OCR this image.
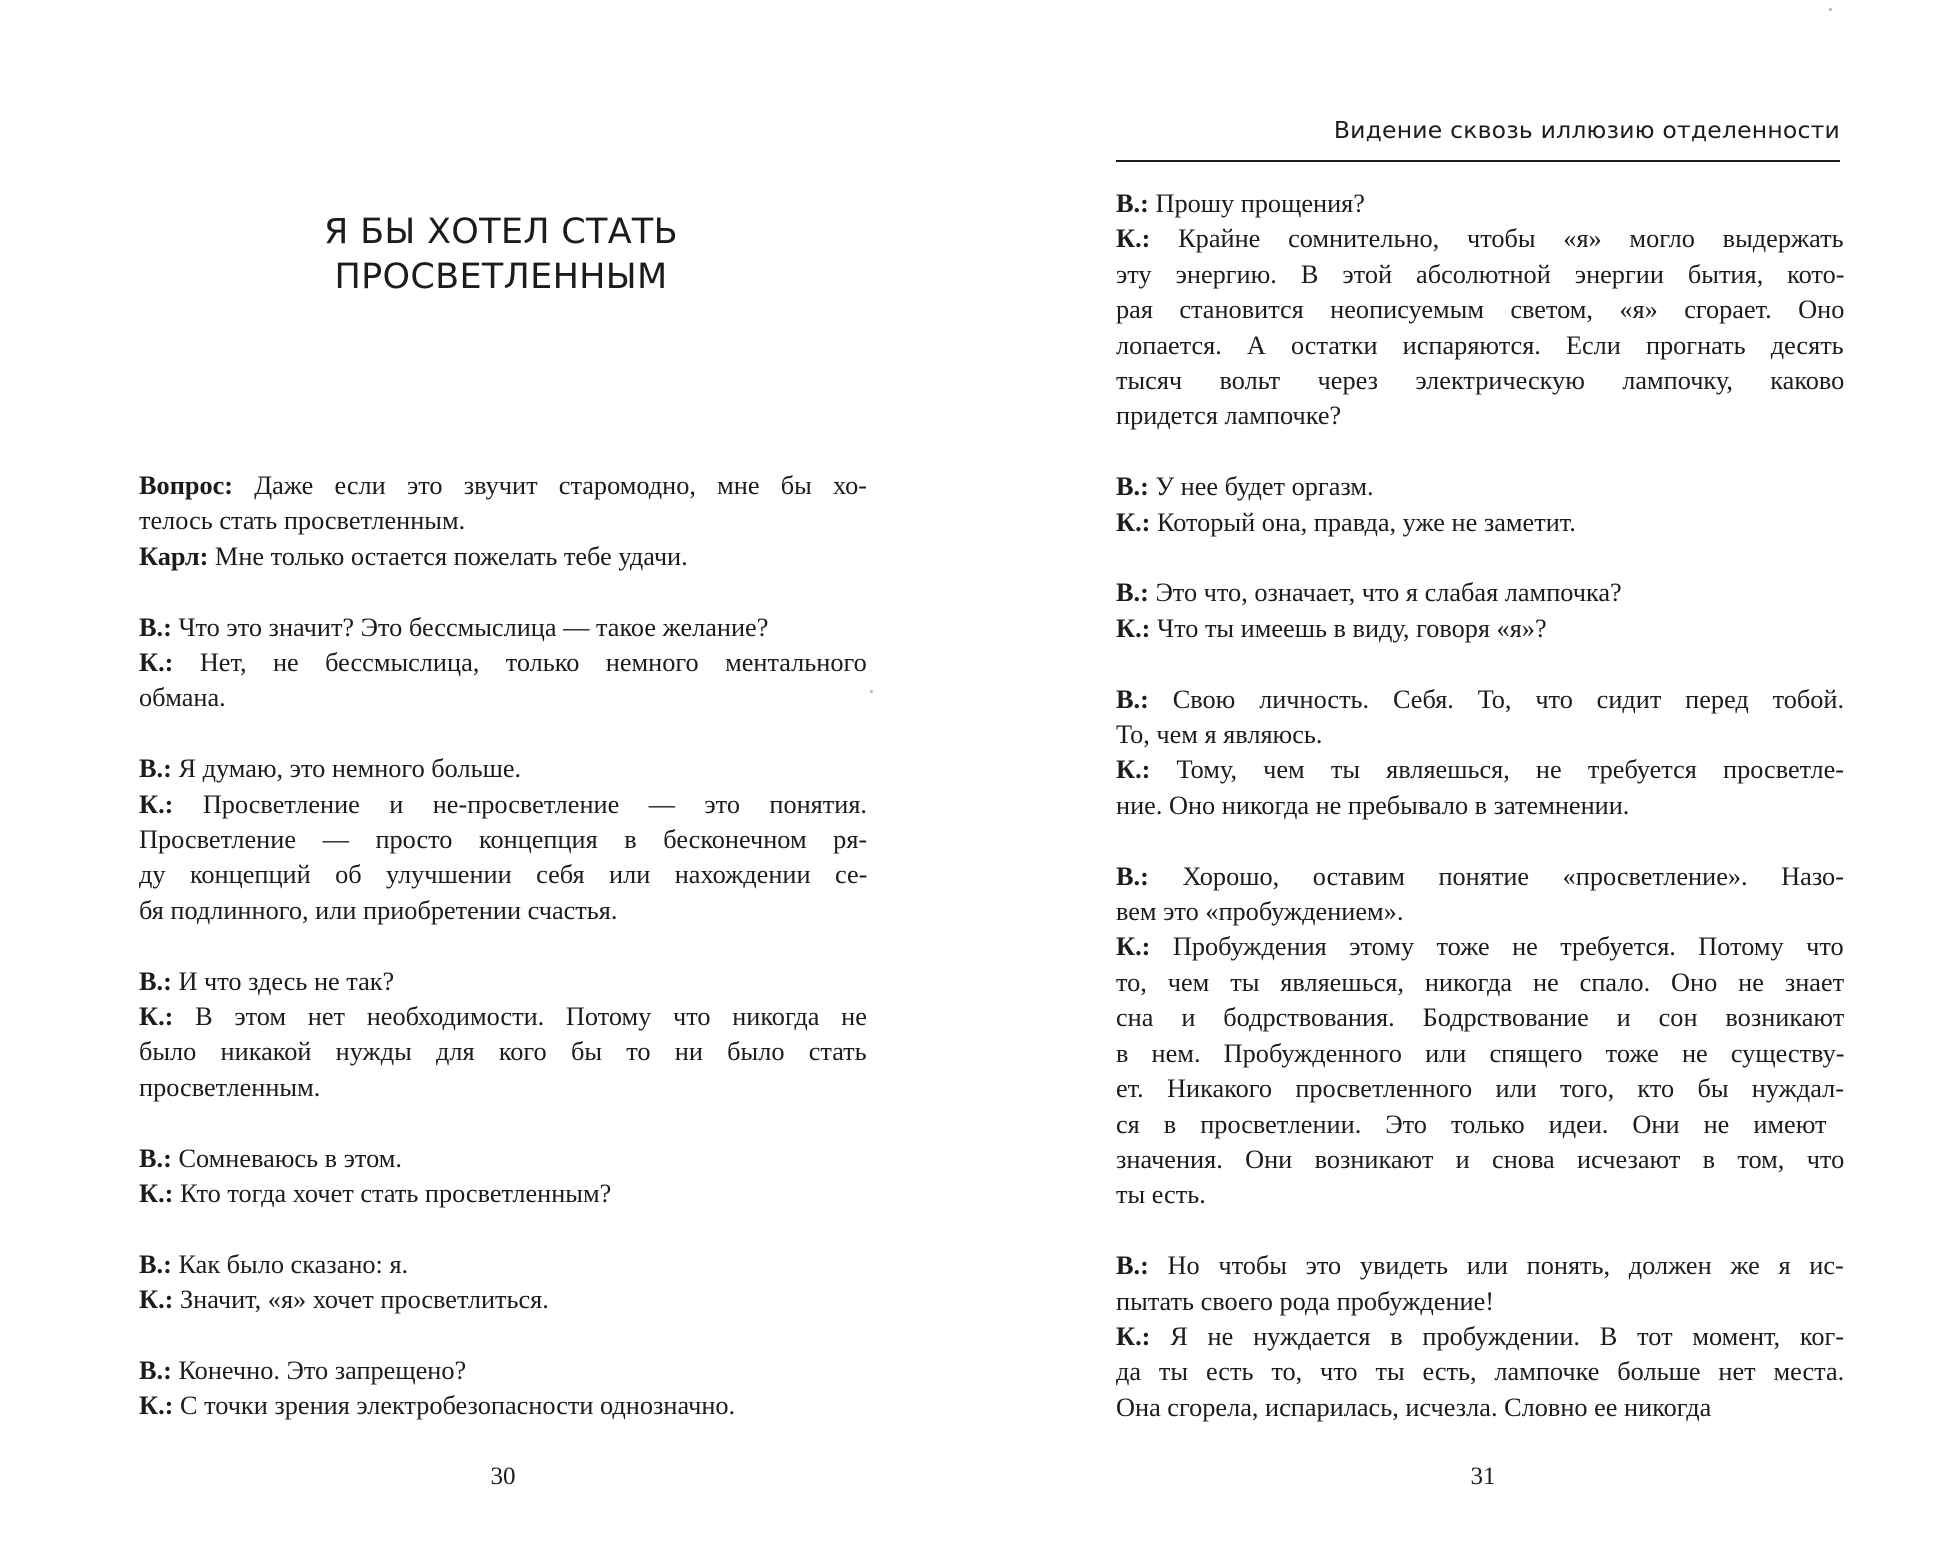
Я БЫ ХОТЕЛ СТАТЬ
ПРОСВЕТЛЕННЫМ
Вопрос: Даже если это звучит старомодно, мне бы хо-
телось стать просветленным.
Карл: Мне только остается пожелать тебе удачи.
В.: Что это значит? Это бессмыслица — такое желание?
К.: Нет, не бессмыслица, только немного ментального
обмана.
В.: Я думаю, это немного больше.
К.: Просветление и не-просветление — это понятия.
Просветление — просто концепция в бесконечном ря-
ду концепций об улучшении себя или нахождении се-
бя подлинного, или приобретении счастья.
В.: И что здесь не так?
К.: В этом нет необходимости. Потому что никогда не
было никакой нужды для кого бы то ни было стать
просветленным.
В.: Сомневаюсь в этом.
К.: Кто тогда хочет стать просветленным?
В.: Как было сказано: я.
К.: Значит, «я» хочет просветлиться.
В.: Конечно. Это запрещено?
К.: С точки зрения электробезопасности однозначно.
30
Видение сквозь иллюзию отделенности
В.: Прошу прощения?
К.: Крайне сомнительно, чтобы «я» могло выдержать
эту энергию. В этой абсолютной энергии бытия, кото-
рая становится неописуемым светом, «я» сгорает. Оно
лопается. А остатки испаряются. Если прогнать десять
тысяч вольт через электрическую лампочку, каково
придется лампочке?
В.: У нее будет оргазм.
К.: Который она, правда, уже не заметит.
В.: Это что, означает, что я слабая лампочка?
К.: Что ты имеешь в виду, говоря «я»?
В.: Свою личность. Себя. То, что сидит перед тобой.
То, чем я являюсь.
К.: Тому, чем ты являешься, не требуется просветле-
ние. Оно никогда не пребывало в затемнении.
В.: Хорошо, оставим понятие «просветление». Назо-
вем это «пробуждением».
К.: Пробуждения этому тоже не требуется. Потому что
то, чем ты являешься, никогда не спало. Оно не знает
сна и бодрствования. Бодрствование и сон возникают
в нем. Пробужденного или спящего тоже не существу-
ет. Никакого просветленного или того, кто бы нуждал-
ся в просветлении. Это только идеи. Они не имеют
значения. Они возникают и снова исчезают в том, что
ты есть.
В.: Но чтобы это увидеть или понять, должен же я ис-
пытать своего рода пробуждение!
К.: Я не нуждается в пробуждении. В тот момент, ког-
да ты есть то, что ты есть, лампочке больше нет места.
Она сгорела, испарилась, исчезла. Словно ее никогда
31
